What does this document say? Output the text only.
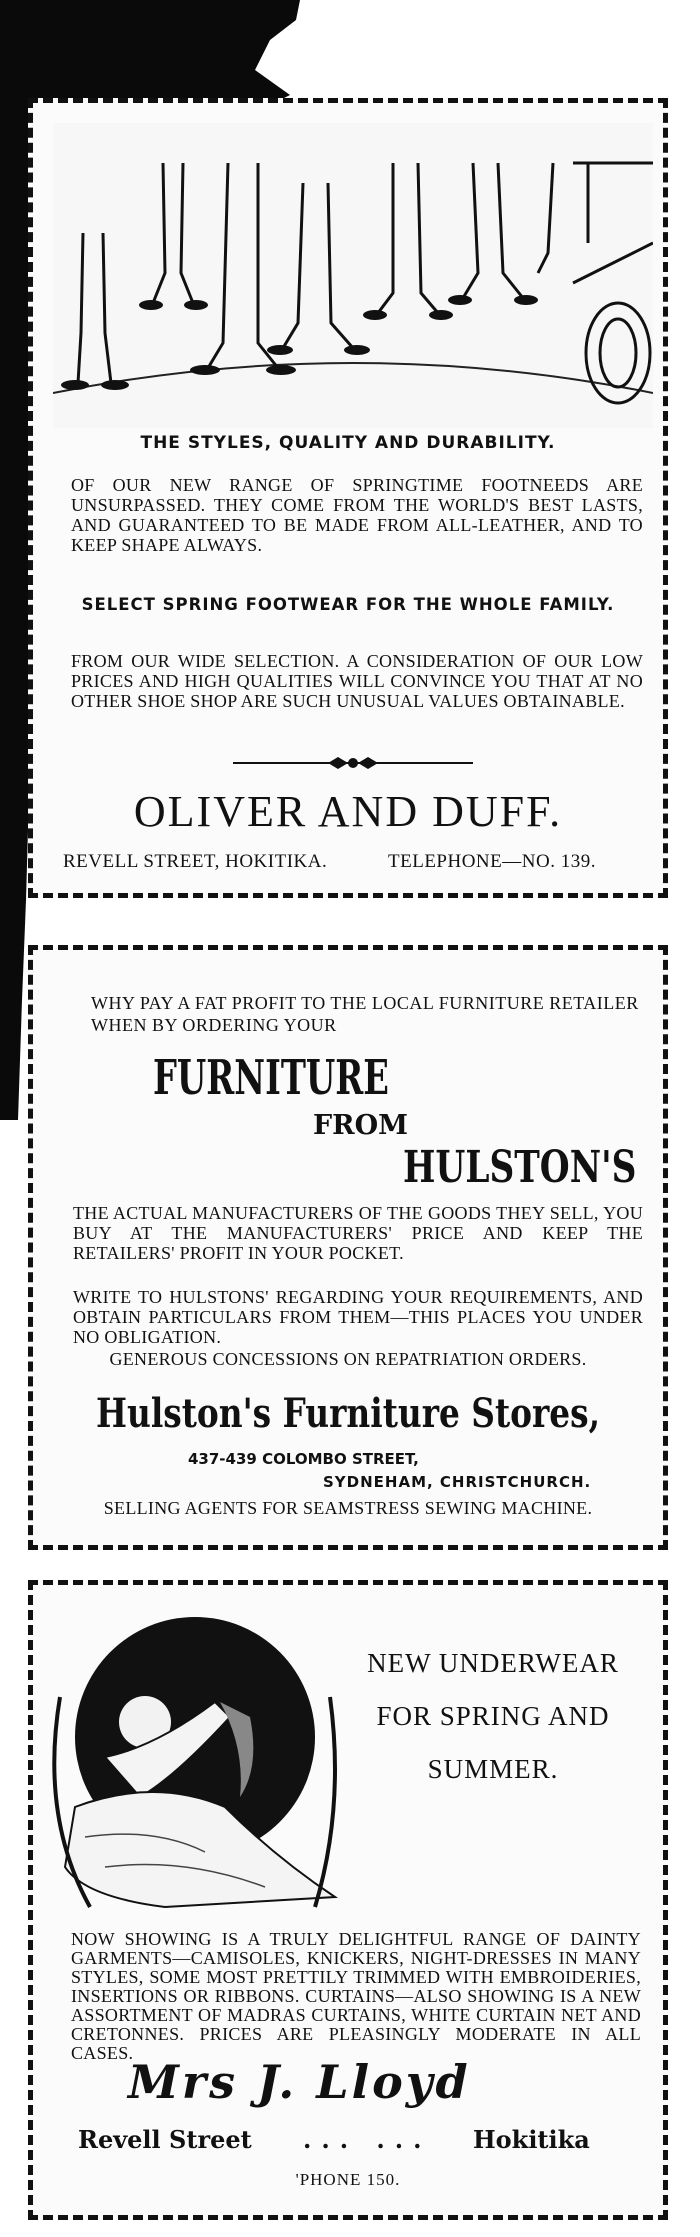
THE STYLES, QUALITY AND DURABILITY.
OF OUR NEW RANGE OF SPRINGTIME FOOTNEEDS ARE UNSURPASSED. THEY COME FROM THE WORLD'S BEST LASTS, AND GUARANTEED TO BE MADE FROM ALL-LEATHER, AND TO KEEP SHAPE ALWAYS.
SELECT SPRING FOOTWEAR FOR THE WHOLE FAMILY.
FROM OUR WIDE SELECTION. A CONSIDERATION OF OUR LOW PRICES AND HIGH QUALITIES WILL CONVINCE YOU THAT AT NO OTHER SHOE SHOP ARE SUCH UNUSUAL VALUES OBTAINABLE.
OLIVER AND DUFF.
REVELL STREET, HOKITIKA.	TELEPHONE—NO. 139.
WHY PAY A FAT PROFIT TO THE LOCAL FURNITURE RETAILER WHEN BY ORDERING YOUR
FURNITURE
FROM
HULSTON'S
THE ACTUAL MANUFACTURERS OF THE GOODS THEY SELL, YOU BUY AT THE MANUFACTURERS' PRICE AND KEEP THE RETAILERS' PROFIT IN YOUR POCKET.
WRITE TO HULSTONS' REGARDING YOUR REQUIREMENTS, AND OBTAIN PARTICULARS FROM THEM—THIS PLACES YOU UNDER NO OBLIGATION.
GENEROUS CONCESSIONS ON REPATRIATION ORDERS.
Hulston's Furniture Stores,
437-439 COLOMBO STREET,
SYDNEHAM, CHRISTCHURCH.
SELLING AGENTS FOR SEAMSTRESS SEWING MACHINE.
NEW UNDERWEAR
FOR SPRING AND
SUMMER.
NOW SHOWING IS A TRULY DELIGHTFUL RANGE OF DAINTY GARMENTS—CAMISOLES, KNICKERS, NIGHT-DRESSES IN MANY STYLES, SOME MOST PRETTILY TRIMMED WITH EMBROIDERIES, INSERTIONS OR RIBBONS. CURTAINS—ALSO SHOWING IS A NEW ASSORTMENT OF MADRAS CURTAINS, WHITE CURTAIN NET AND CRETONNES. PRICES ARE PLEASINGLY MODERATE IN ALL CASES.
Mrs J. Lloyd
Revell Street ... ... Hokitika
'PHONE 150.
